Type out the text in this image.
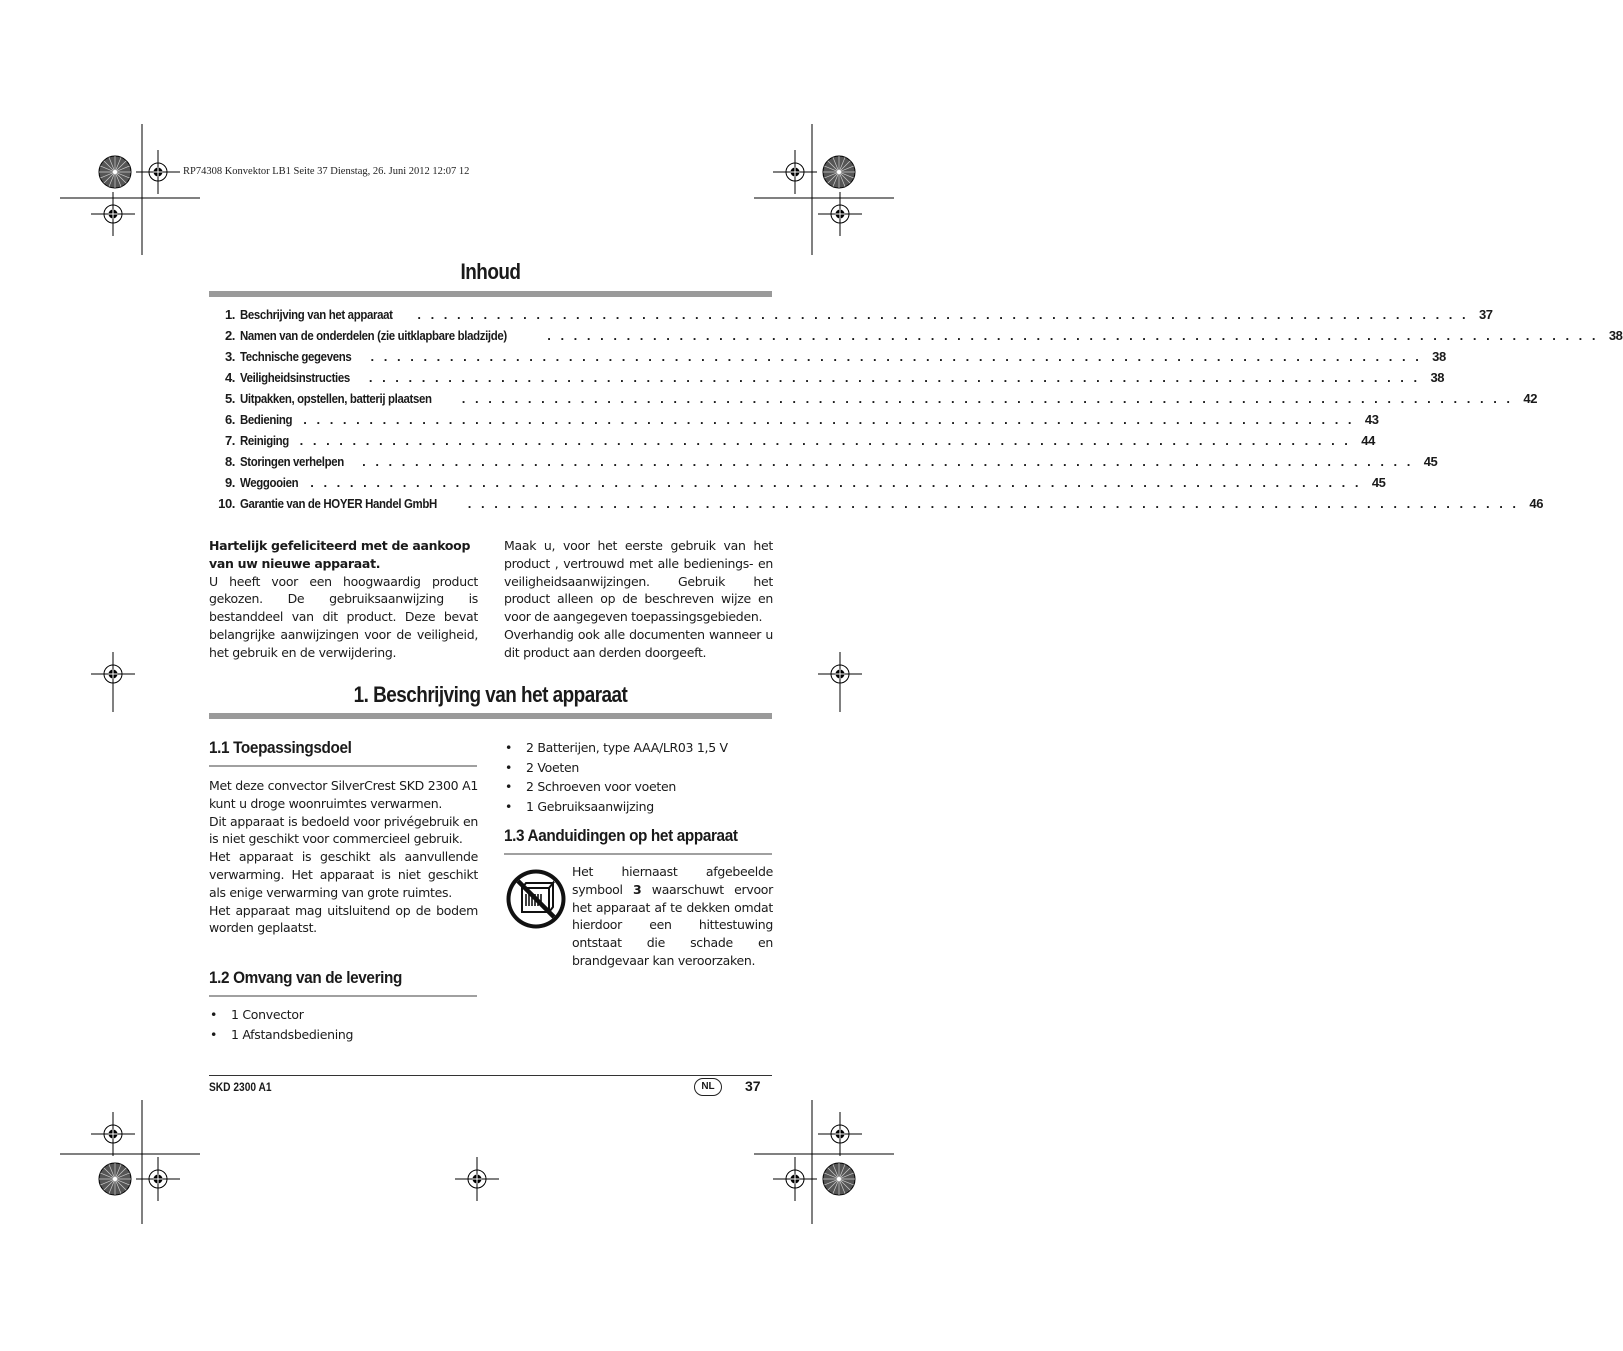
RP74308 Konvektor LB1 Seite 37 Dienstag, 26. Juni 2012 12:07 12
Inhoud
1. Beschrijving van het apparaat . . . . . . . . . . . . . . . . . . . . . . . . . . . . . . . . . . . . . . . . . . . . . . . . . . . . . . . . . . . . . . . . . . . . . . . . . . . . . . . . 37
2. Namen van de onderdelen (zie uitklapbare bladzijde)	. . . . . . . . . . . . . . . . . . . . . . . . . . . . . . . . . . . . . . . . . . . . . . . . . . . . . . . . . . . . . . . . . . . . . . . . . . . . . . . . 38
3. Technische gegevens . . . . . . . . . . . . . . . . . . . . . . . . . . . . . . . . . . . . . . . . . . . . . . . . . . . . . . . . . . . . . . . . . . . . . . . . . . . . . . . . 38
4. Veiligheidsinstructies . . . . . . . . . . . . . . . . . . . . . . . . . . . . . . . . . . . . . . . . . . . . . . . . . . . . . . . . . . . . . . . . . . . . . . . . . . . . . . . . 38
5. Uitpakken, opstellen, batterij plaatsen . . . . . . . . . . . . . . . . . . . . . . . . . . . . . . . . . . . . . . . . . . . . . . . . . . . . . . . . . . . . . . . . . . . . . . . . . . . . . . . . 42
6. Bediening . . . . . . . . . . . . . . . . . . . . . . . . . . . . . . . . . . . . . . . . . . . . . . . . . . . . . . . . . . . . . . . . . . . . . . . . . . . . . . . . 43
7. Reiniging . . . . . . . . . . . . . . . . . . . . . . . . . . . . . . . . . . . . . . . . . . . . . . . . . . . . . . . . . . . . . . . . . . . . . . . . . . . . . . . . 44
8. Storingen verhelpen . . . . . . . . . . . . . . . . . . . . . . . . . . . . . . . . . . . . . . . . . . . . . . . . . . . . . . . . . . . . . . . . . . . . . . . . . . . . . . . . 45
9. Weggooien . . . . . . . . . . . . . . . . . . . . . . . . . . . . . . . . . . . . . . . . . . . . . . . . . . . . . . . . . . . . . . . . . . . . . . . . . . . . . . . . 45
10. Garantie van de HOYER Handel GmbH . . . . . . . . . . . . . . . . . . . . . . . . . . . . . . . . . . . . . . . . . . . . . . . . . . . . . . . . . . . . . . . . . . . . . . . . . . . . . . . . 46

Hartelijk gefeliciteerd met de aankoop van uw nieuwe apparaat.

U heeft voor een hoogwaardig product gekozen. De gebruiksaanwijzing is bestanddeel van dit product. Deze bevat belangrijke aanwijzingen voor de veiligheid, het gebruik en de verwijdering.

Maak u, voor het eerste gebruik van het product , vertrouwd met alle bedienings- en veiligheidsaanwijzingen. Gebruik het product alleen op de beschreven wijze en voor de aangegeven toepassingsgebieden.

Overhandig ook alle documenten wanneer u dit product aan derden doorgeeft.

1. Beschrijving van het apparaat
1.1 Toepassingsdoel

Met deze convector SilverCrest SKD 2300 A1 kunt u droge woonruimtes verwarmen.

Dit apparaat is bedoeld voor privégebruik en is niet geschikt voor commercieel gebruik.

Het apparaat is geschikt als aanvullende verwarming. Het apparaat is niet geschikt als enige verwarming van grote ruimtes.

Het apparaat mag uitsluitend op de bodem worden geplaatst.

1.2 Omvang van de levering
• 1 Convector
• 1 Afstandsbediening
• 2 Batterijen, type AAA/LR03 1,5 V
• 2 Voeten
• 2 Schroeven voor voeten
• 1 Gebruiksaanwijzing
1.3 Aanduidingen op het apparaat

Het hiernaast afgebeelde symbool 3 waarschuwt ervoor het apparaat af te dekken omdat hierdoor een hittestuwing ontstaat die schade en brandgevaar kan veroorzaken.

SKD 2300 A1	NL	37
